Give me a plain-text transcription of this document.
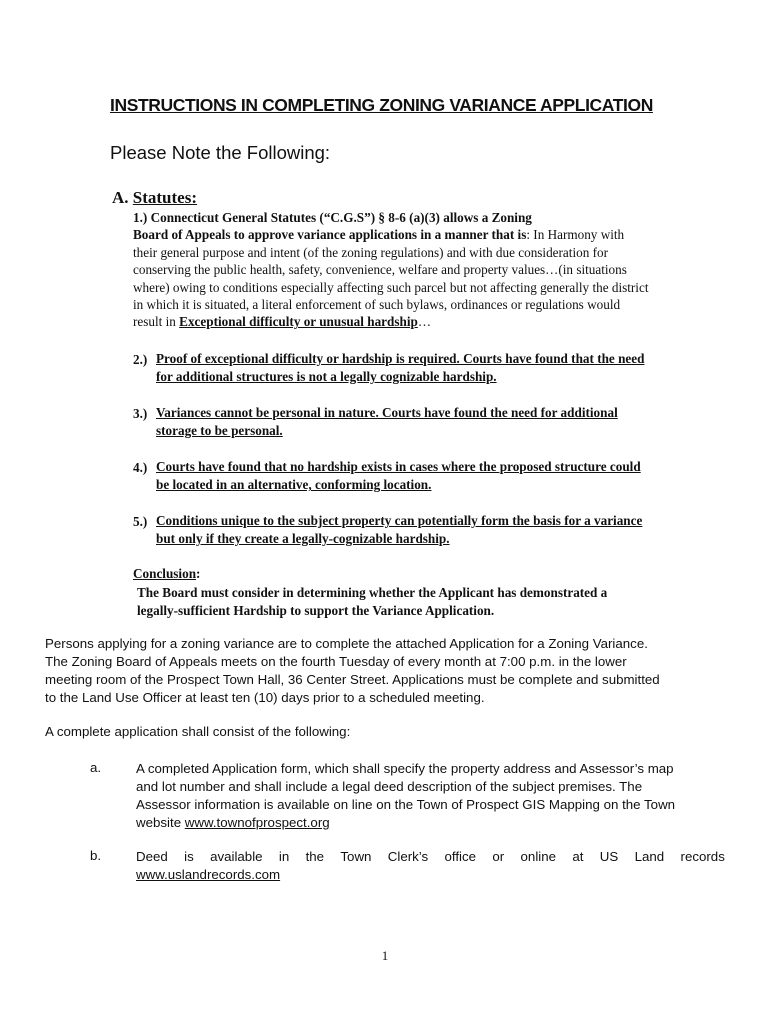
INSTRUCTIONS IN COMPLETING ZONING VARIANCE APPLICATION
Please Note the Following:
A. Statutes:
1.) Connecticut General Statutes (“C.G.S”) § 8-6 (a)(3) allows a Zoning
Board of Appeals to approve variance applications in a manner that is: In Harmony with
their general purpose and intent (of the zoning regulations) and with due consideration for
conserving the public health, safety, convenience, welfare and property values…(in situations
where) owing to conditions especially affecting such parcel but not affecting generally the district
in which it is situated, a literal enforcement of such bylaws, ordinances or regulations would
result in Exceptional difficulty or unusual hardship…
2.) Proof of exceptional difficulty or hardship is required. Courts have found that the need
for additional structures is not a legally cognizable hardship.
3.) Variances cannot be personal in nature. Courts have found the need for additional
storage to be personal.
4.) Courts have found that no hardship exists in cases where the proposed structure could
be located in an alternative, conforming location.
5.) Conditions unique to the subject property can potentially form the basis for a variance
but only if they create a legally-cognizable hardship.
Conclusion:
The Board must consider in determining whether the Applicant has demonstrated a
legally-sufficient Hardship to support the Variance Application.
Persons applying for a zoning variance are to complete the attached Application for a Zoning Variance.
The Zoning Board of Appeals meets on the fourth Tuesday of every month at 7:00 p.m. in the lower
meeting room of the Prospect Town Hall, 36 Center Street. Applications must be complete and submitted
to the Land Use Officer at least ten (10) days prior to a scheduled meeting.
A complete application shall consist of the following:
a.	A completed Application form, which shall specify the property address and Assessor’s map
and lot number and shall include a legal deed description of the subject premises. The
Assessor information is available on line on the Town of Prospect GIS Mapping on the Town
website www.townofprospect.org
b.	Deed is available in the Town Clerk’s office or online at US Land records
www.uslandrecords.com
1
